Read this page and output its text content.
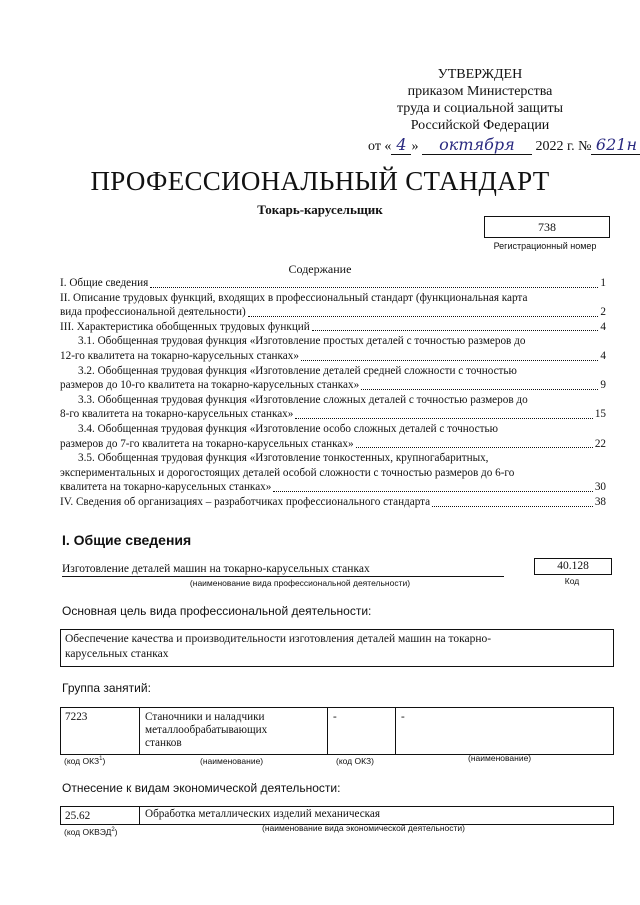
УТВЕРЖДЕН
приказом Министерства
труда и социальной защиты
Российской Федерации
от « 4 » октября 2022 г. № 621н
ПРОФЕССИОНАЛЬНЫЙ СТАНДАРТ
Токарь-карусельщик
738
Регистрационный номер
Содержание
I. Общие сведения	1
II. Описание трудовых функций, входящих в профессиональный стандарт (функциональная карта
вида профессиональной деятельности)	2
III. Характеристика обобщенных трудовых функций	4
3.1. Обобщенная трудовая функция «Изготовление простых деталей с точностью размеров до
12-го квалитета на токарно-карусельных станках»	4
3.2. Обобщенная трудовая функция «Изготовление деталей средней сложности с точностью
размеров до 10-го квалитета на токарно-карусельных станках»	9
3.3. Обобщенная трудовая функция «Изготовление сложных деталей с точностью размеров до
8-го квалитета на токарно-карусельных станках»	15
3.4. Обобщенная трудовая функция «Изготовление особо сложных деталей с точностью
размеров до 7-го квалитета на токарно-карусельных станках»	22
3.5. Обобщенная трудовая функция «Изготовление тонкостенных, крупногабаритных,
экспериментальных и дорогостоящих деталей особой сложности с точностью размеров до 6-го
квалитета на токарно-карусельных станках»	30
IV. Сведения об организациях – разработчиках профессионального стандарта	38
I. Общие сведения
Изготовление деталей машин на токарно-карусельных станках
(наименование вида профессиональной деятельности)
40.128
Код
Основная цель вида профессиональной деятельности:
Обеспечение качества и производительности изготовления деталей машин на токарно-
карусельных станках
Группа занятий:
7223	Станочники и наладчики
металлообрабатывающих
станков
-	-
(код ОКЗ$^1$)	(наименование)	(код ОКЗ)	(наименование)
Отнесение к видам экономической деятельности:
25.62	Обработка металлических изделий механическая
(код ОКВЭД$^2$)	(наименование вида экономической деятельности)
